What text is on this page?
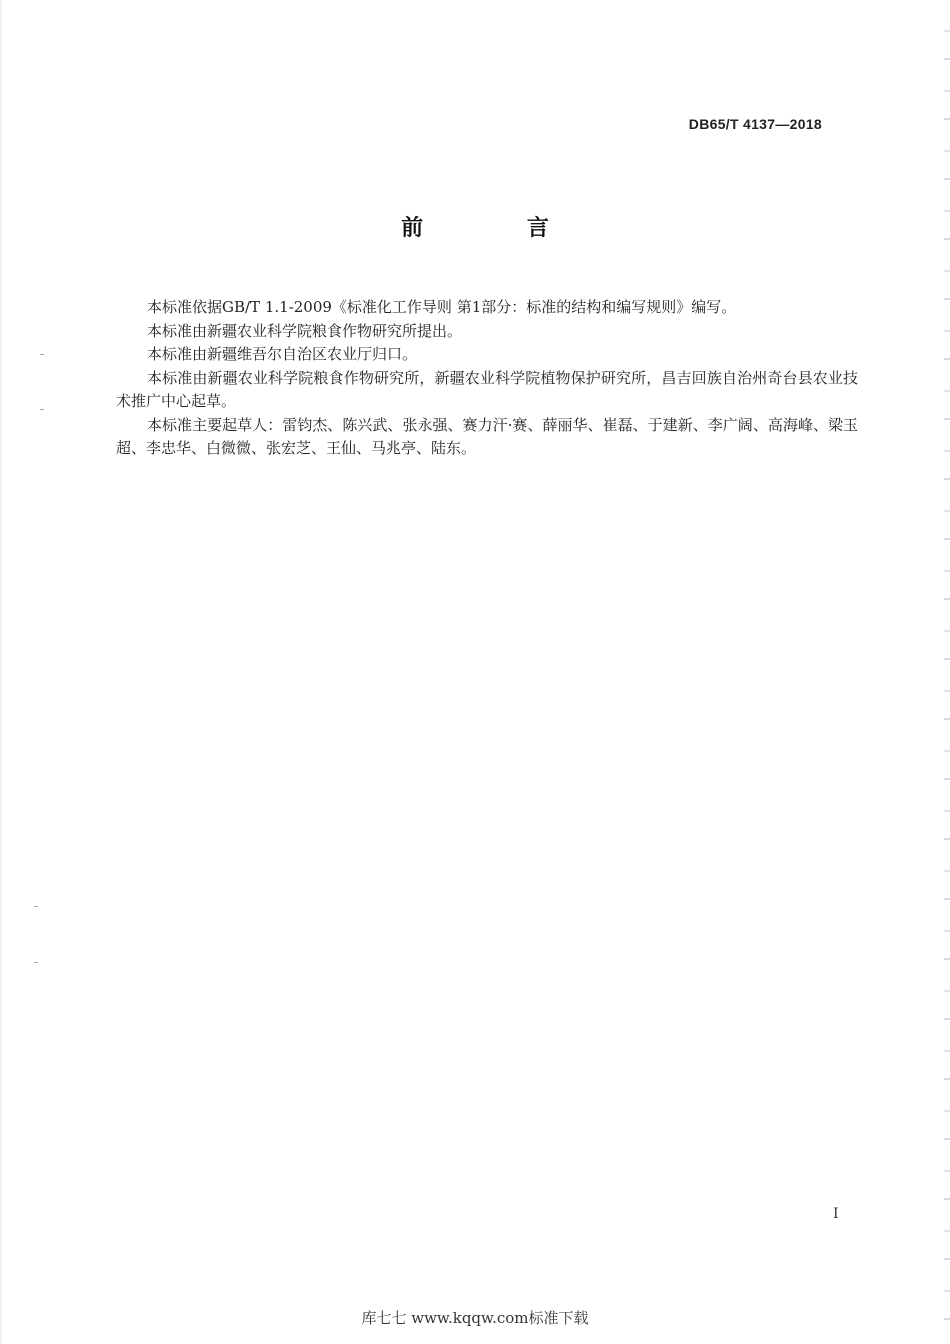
DB65/T 4137—2018
前 言

本标准依据GB/T 1.1-2009《标准化工作导则 第1部分：标准的结构和编写规则》编写。

本标准由新疆农业科学院粮食作物研究所提出。

本标准由新疆维吾尔自治区农业厅归口。

本标准由新疆农业科学院粮食作物研究所，新疆农业科学院植物保护研究所，昌吉回族自治州奇台县农业技术推广中心起草。

本标准主要起草人：雷钧杰、陈兴武、张永强、赛力汗·赛、薛丽华、崔磊、于建新、李广阔、高海峰、梁玉超、李忠华、白微微、张宏芝、王仙、马兆亭、陆东。

I
库七七 www.kqqw.com标准下载
